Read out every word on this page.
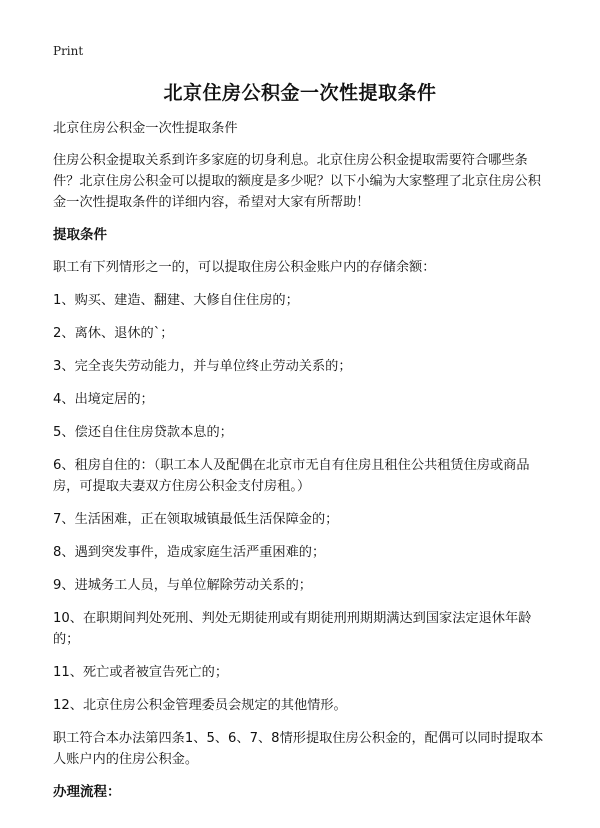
Print
北京住房公积金一次性提取条件

北京住房公积金一次性提取条件

住房公积金提取关系到许多家庭的切身利息。北京住房公积金提取需要符合哪些条件？北京住房公积金可以提取的额度是多少呢？以下小编为大家整理了北京住房公积金一次性提取条件的详细内容，希望对大家有所帮助！

提取条件

职工有下列情形之一的，可以提取住房公积金账户内的存储余额：

1、购买、建造、翻建、大修自住住房的；
2、离休、退休的`；
3、完全丧失劳动能力，并与单位终止劳动关系的；
4、出境定居的；
5、偿还自住住房贷款本息的；
6、租房自住的：（职工本人及配偶在北京市无自有住房且租住公共租赁住房或商品房，可提取夫妻双方住房公积金支付房租。）
7、生活困难，正在领取城镇最低生活保障金的；
8、遇到突发事件，造成家庭生活严重困难的；
9、进城务工人员，与单位解除劳动关系的；
10、在职期间判处死刑、判处无期徒刑或有期徒刑刑期期满达到国家法定退休年龄的；
11、死亡或者被宣告死亡的；
12、北京住房公积金管理委员会规定的其他情形。

职工符合本办法第四条1、5、6、7、8情形提取住房公积金的，配偶可以同时提取本人账户内的住房公积金。

办理流程：
